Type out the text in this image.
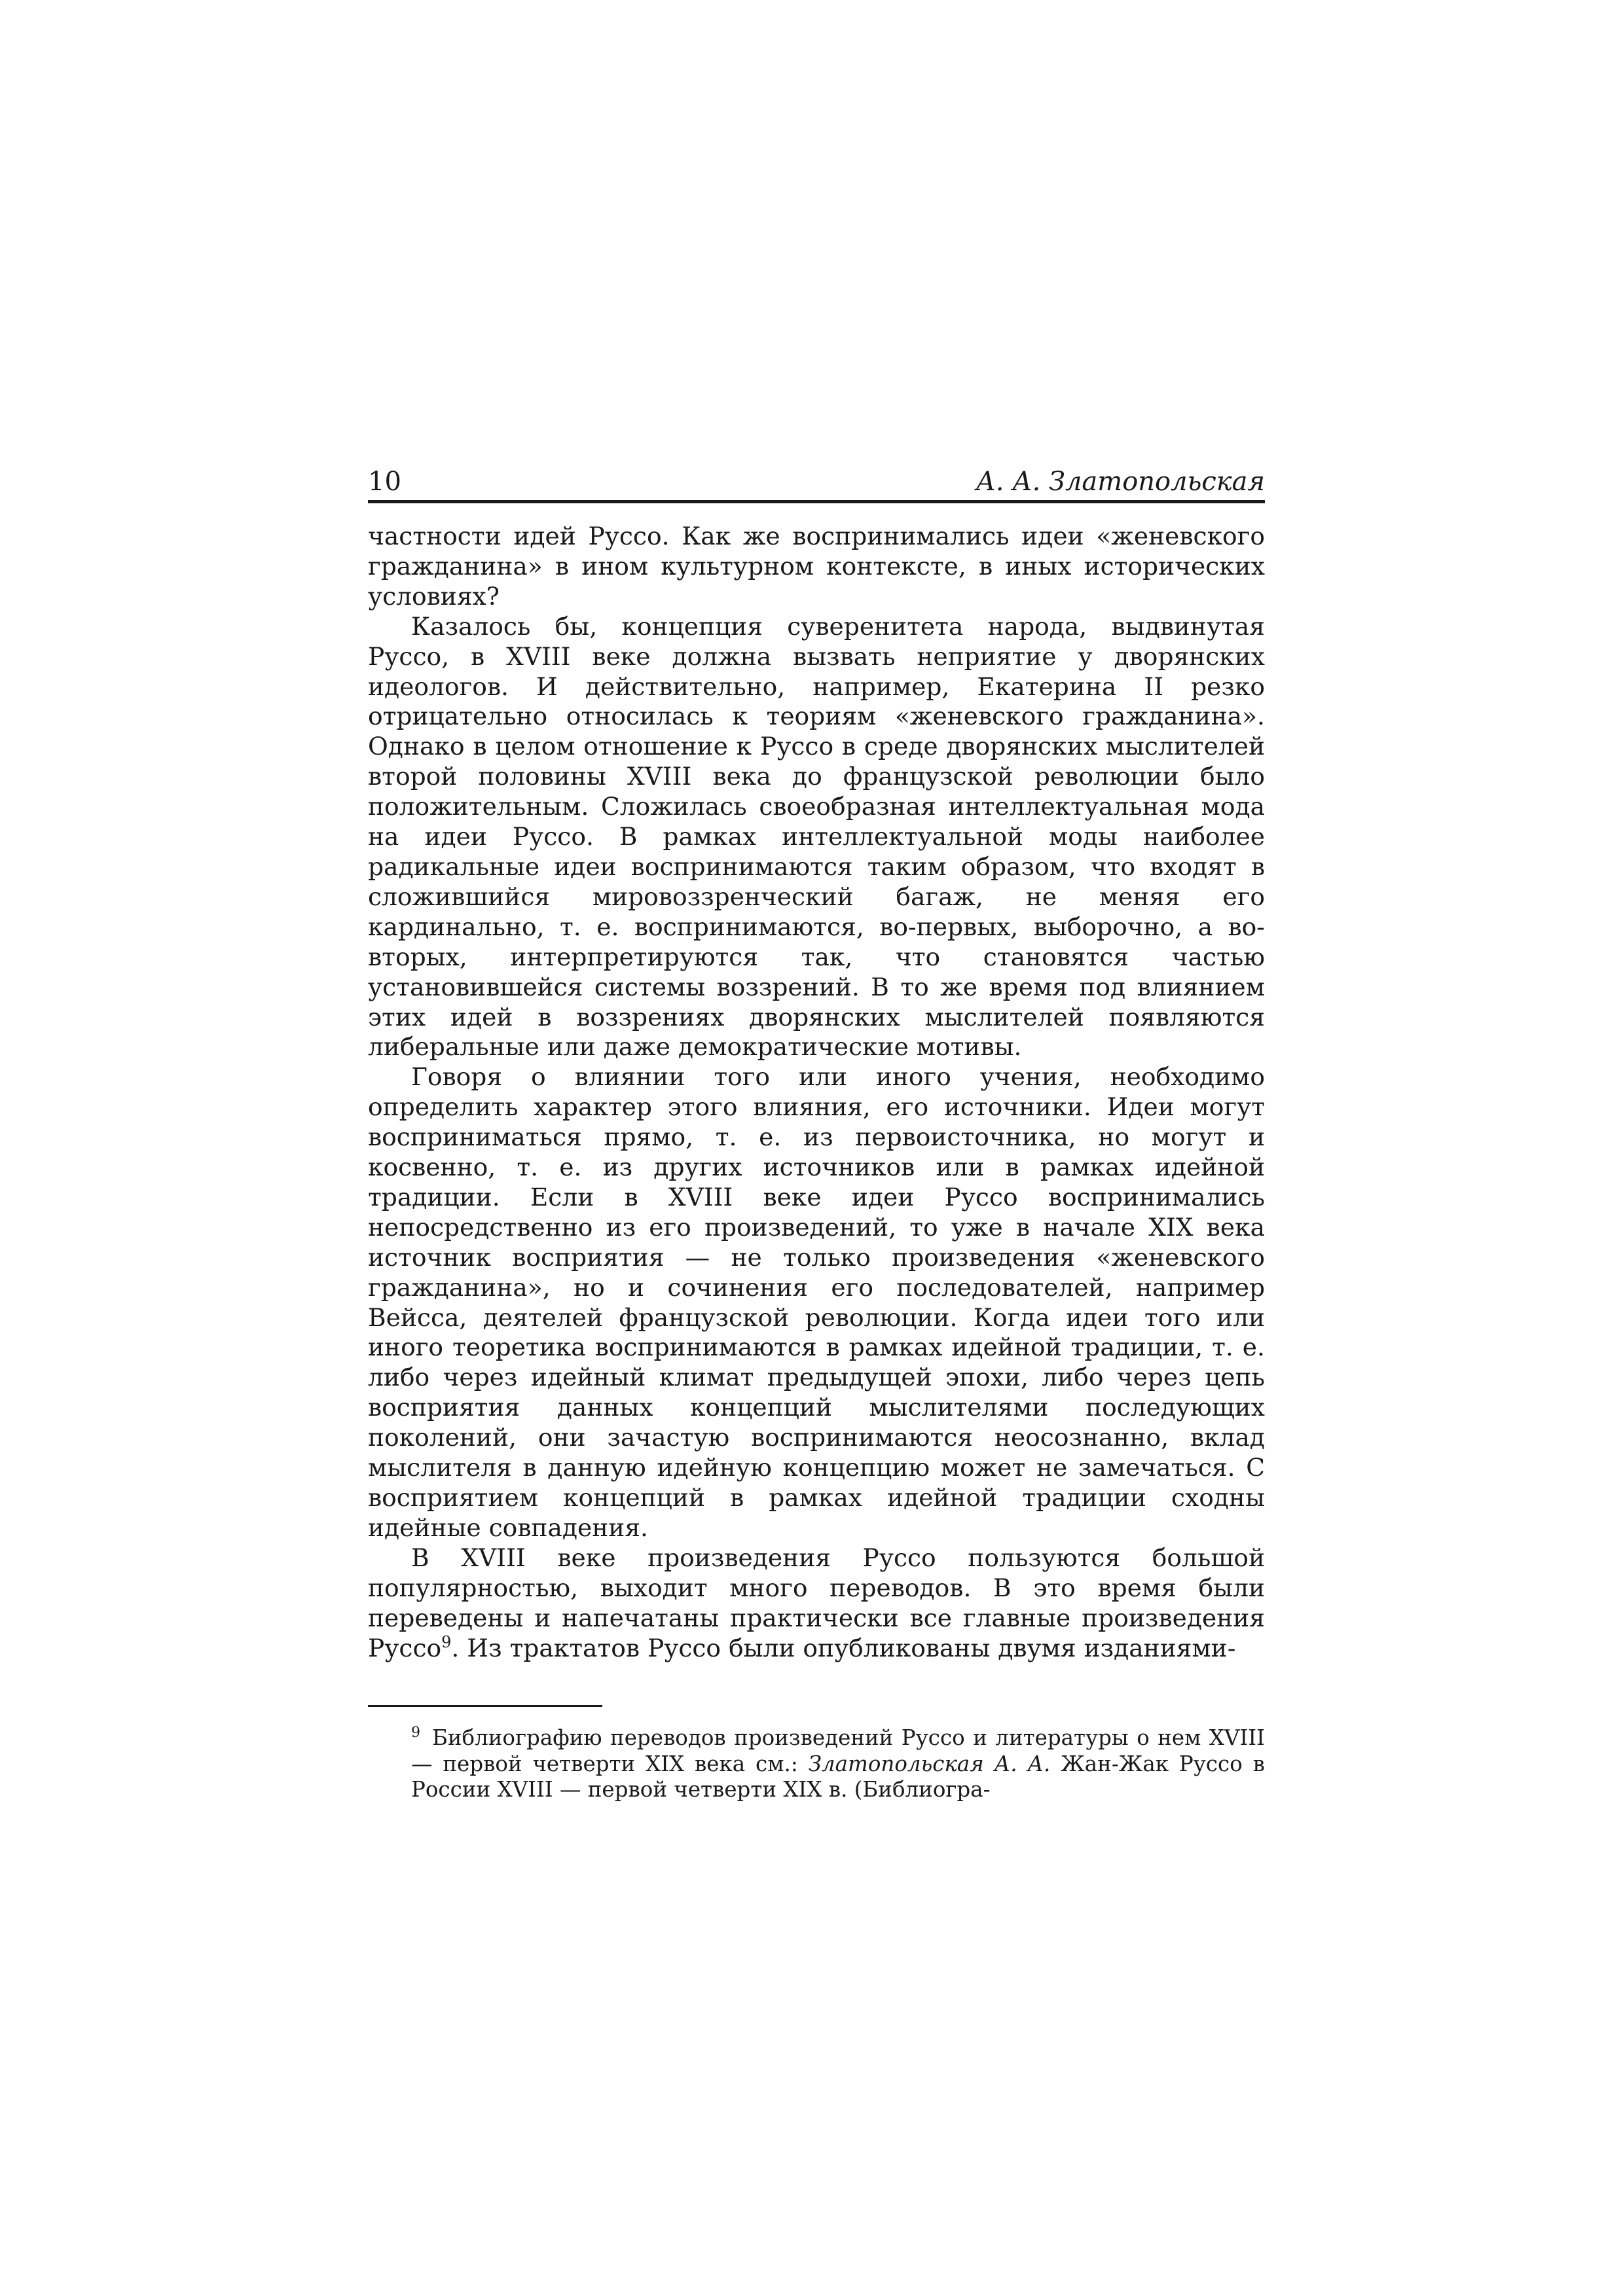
10	А. А. Златопольская

частности идей Руссо. Как же воспринимались идеи «женевского гражданина» в ином культурном контексте, в иных исторических условиях?

Казалось бы, концепция суверенитета народа, выдвинутая Руссо, в XVIII веке должна вызвать неприятие у дворянских идеологов. И действительно, например, Екатерина II резко отрицательно относилась к теориям «женевского гражданина». Однако в целом отношение к Руссо в среде дворянских мыслителей второй половины XVIII века до французской революции было положительным. Сложилась своеобразная интеллектуальная мода на идеи Руссо. В рамках интеллектуальной моды наиболее радикальные идеи воспринимаются таким образом, что входят в сложившийся мировоззренческий багаж, не меняя его кардинально, т. е. воспринимаются, во-первых, выборочно, а во-вторых, интерпретируются так, что становятся частью установившейся системы воззрений. В то же время под влиянием этих идей в воззрениях дворянских мыслителей появляются либеральные или даже демократические мотивы.

Говоря о влиянии того или иного учения, необходимо определить характер этого влияния, его источники. Идеи могут восприниматься прямо, т. е. из первоисточника, но могут и косвенно, т. е. из других источников или в рамках идейной традиции. Если в XVIII веке идеи Руссо воспринимались непосредственно из его произведений, то уже в начале XIX века источник восприятия — не только произведения «женевского гражданина», но и сочинения его последователей, например Вейсса, деятелей французской революции. Когда идеи того или иного теоретика воспринимаются в рамках идейной традиции, т. е. либо через идейный климат предыдущей эпохи, либо через цепь восприятия данных концепций мыслителями последующих поколений, они зачастую воспринимаются неосознанно, вклад мыслителя в данную идейную концепцию может не замечаться. С восприятием концепций в рамках идейной традиции сходны идейные совпадения.

В XVIII веке произведения Руссо пользуются большой популярностью, выходит много переводов. В это время были переведены и напечатаны практически все главные произведения Руссо$^9$. Из трактатов Руссо были опубликованы двумя изданиями-

$^9$ Библиографию переводов произведений Руссо и литературы о нем XVIII — первой четверти XIX века см.: Златопольская А. А. Жан-Жак Руссо в России XVIII — первой четверти XIX в. (Библиогра-
